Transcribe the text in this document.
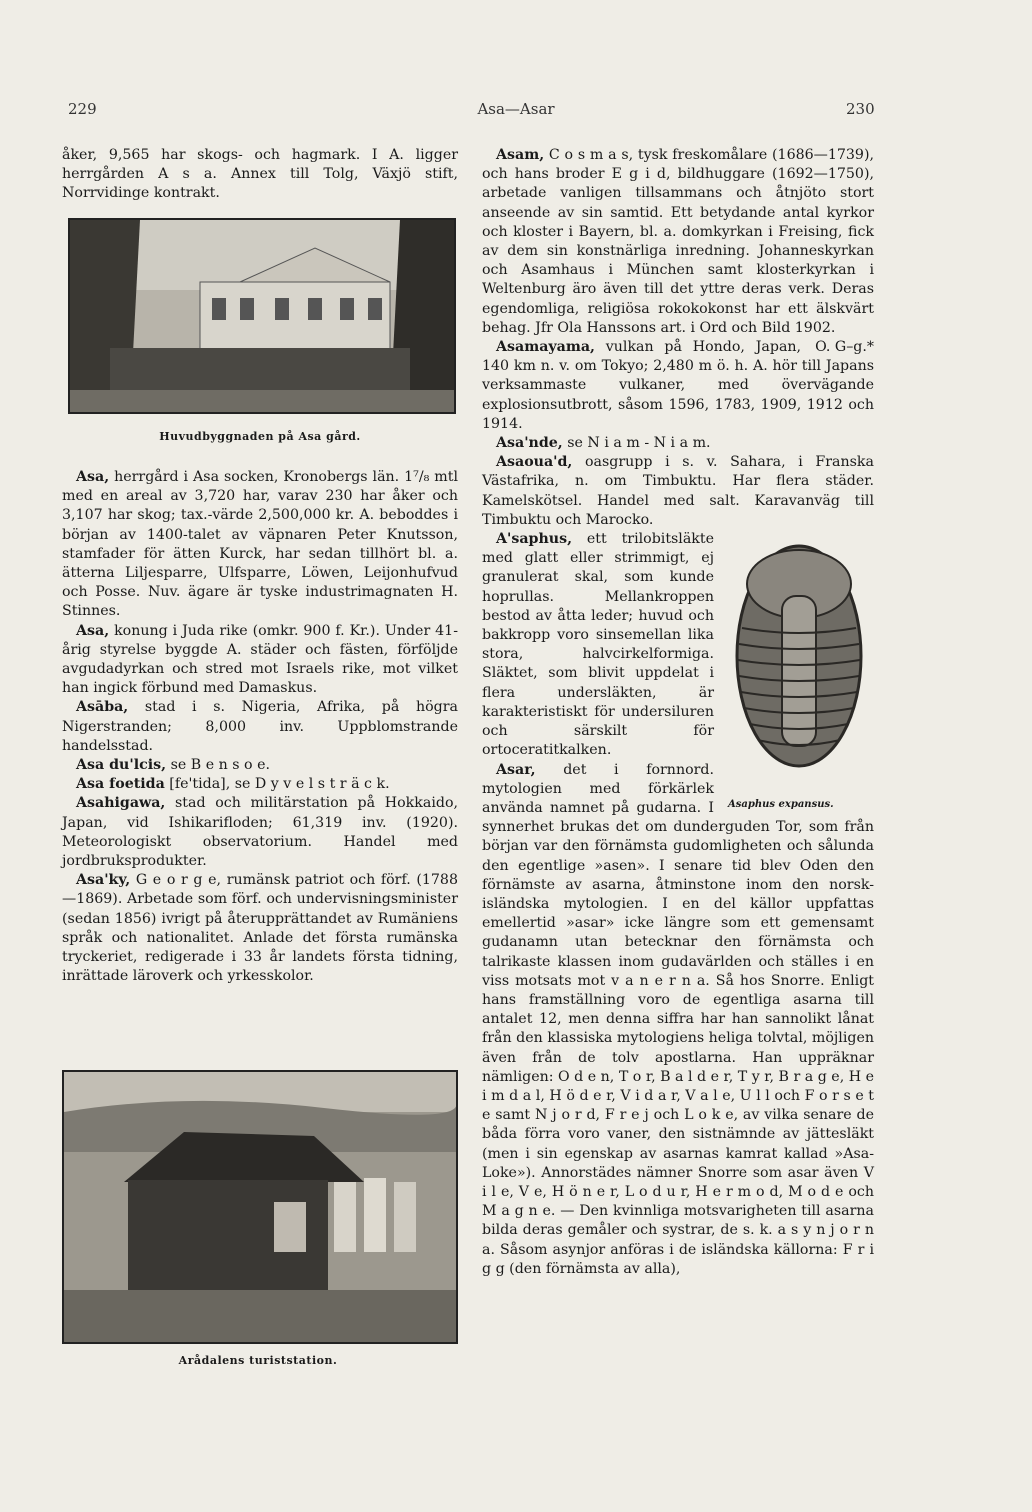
229	Asa—Asar	230

åker, 9,565 har skogs- och hagmark. I A. ligger herrgården A s a. Annex till Tolg, Växjö stift, Norrvidinge kontrakt.

Huvudbyggnaden på Asa gård.

Asa, herrgård i Asa socken, Kronobergs län. 1⁷/₈ mtl med en areal av 3,720 har, varav 230 har åker och 3,107 har skog; tax.-värde 2,500,000 kr. A. beboddes i början av 1400-talet av väpnaren Peter Knutsson, stamfader för ätten Kurck, har sedan tillhört bl. a. ätterna Liljesparre, Ulfsparre, Löwen, Leijonhufvud och Posse. Nuv. ägare är tyske industrimagnaten H. Stinnes.

Asa, konung i Juda rike (omkr. 900 f. Kr.). Under 41-årig styrelse byggde A. städer och fästen, förföljde avgudadyrkan och stred mot Israels rike, mot vilket han ingick förbund med Damaskus.

Asāba, stad i s. Nigeria, Afrika, på högra Nigerstranden; 8,000 inv. Uppblomstrande handelsstad.

Asa du'lcis, se B e n s o e.

Asa foetida [fe'tida], se D y v e l s t r ä c k.

Asahigawa, stad och militärstation på Hokkaido, Japan, vid Ishikarifloden; 61,319 inv. (1920). Meteorologiskt observatorium. Handel med jordbruksprodukter.

Asa'ky, G e o r g e, rumänsk patriot och förf. (1788—1869). Arbetade som förf. och undervisningsminister (sedan 1856) ivrigt på återupprättandet av Rumäniens språk och nationalitet. Anlade det första rumänska tryckeriet, redigerade i 33 år landets första tidning, inrättade läroverk och yrkesskolor.

Arådalens turiststation.

Asam, C o s m a s, tysk freskomålare (1686—1739), och hans broder E g i d, bildhuggare (1692—1750), arbetade vanligen tillsammans och åtnjöto stort anseende av sin samtid. Ett betydande antal kyrkor och kloster i Bayern, bl. a. domkyrkan i Freising, fick av dem sin konstnärliga inredning. Johanneskyrkan och Asamhaus i München samt klosterkyrkan i Weltenburg äro även till det yttre deras verk. Deras egendomliga, religiösa rokokokonst har ett älskvärt behag. Jfr Ola Hanssons art. i Ord och Bild 1902.
O. G–g.*

Asamayama, vulkan på Hondo, Japan, 140 km n. v. om Tokyo; 2,480 m ö. h. A. hör till Japans verksammaste vulkaner, med övervägande explosionsutbrott, såsom 1596, 1783, 1909, 1912 och 1914.

Asa'nde, se N i a m - N i a m.

Asaoua'd, oasgrupp i s. v. Sahara, i Franska Västafrika, n. om Timbuktu. Har flera städer. Kamelskötsel. Handel med salt. Karavanväg till Timbuktu och Marocko.

Asaphus expansus.

A'saphus, ett trilobitsläkte med glatt eller strimmigt, ej granulerat skal, som kunde hoprullas. Mellankroppen bestod av åtta leder; huvud och bakkropp voro sinsemellan lika stora, halvcirkelformiga. Släktet, som blivit uppdelat i flera undersläkten, är karakteristiskt för undersiluren och särskilt för ortoceratitkalken.

Asar, det i fornnord. mytologien med förkärlek använda namnet på gudarna. I synnerhet brukas det om dunderguden Tor, som från början var den förnämsta gudomligheten och sålunda den egentlige »asen». I senare tid blev Oden den förnämste av asarna, åtminstone inom den norsk-isländska mytologien. I en del källor uppfattas emellertid »asar» icke längre som ett gemensamt gudanamn utan betecknar den förnämsta och talrikaste klassen inom gudavärlden och ställes i en viss motsats mot v a n e r n a. Så hos Snorre. Enligt hans framställning voro de egentliga asarna till antalet 12, men denna siffra har han sannolikt lånat från den klassiska mytologiens heliga tolvtal, möjligen även från de tolv apostlarna. Han uppräknar nämligen: O d e n, T o r, B a l d e r, T y r, B r a g e, H e i m d a l, H ö d e r, V i d a r, V a l e, U l l och F o r s e t e samt N j o r d, F r e j och L o k e, av vilka senare de båda förra voro vaner, den sistnämnde av jättesläkt (men i sin egenskap av asarnas kamrat kallad »Asa-Loke»). Annorstädes nämner Snorre som asar även V i l e, V e, H ö n e r, L o d u r, H e r m o d, M o d e och M a g n e. — Den kvinnliga motsvarigheten till asarna bilda deras gemåler och systrar, de s. k. a s y n j o r n a. Såsom asynjor anföras i de isländska källorna: F r i g g (den förnämsta av alla),
